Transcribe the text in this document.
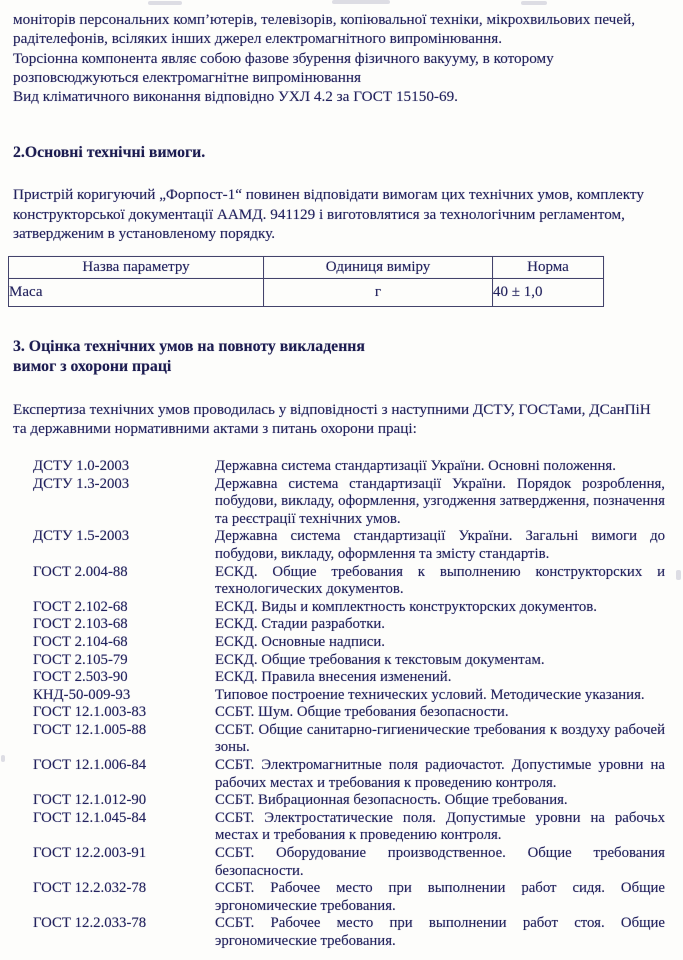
моніторів персональних комп’ютерів, телевізорів, копіювальної техніки, мікрохвильових печей, радітелефонів, всіляких інших джерел електромагнітного випромінювання.

Торсіонна компонента являє собою фазове збурення фізичного вакууму, в которому розповсюджуються електромагнітне випромінювання

Вид кліматичного виконання відповідно УХЛ 4.2 за ГОСТ 15150-69.

2.Основні технічні вимоги.

Пристрій коригуючий „Форпост-1“ повинен відповідати вимогам цих технічних умов, комплекту конструкторської документації ААМД. 941129 і виготовлятися за технологічним регламентом, затвердженим в установленому порядку.

Назва параметру	Одиниця виміру	Норма
Маса	г	40 ± 1,0
3. Оцінка технічних умов на повноту викладення
вимог з охорони праці

Експертиза технічних умов проводилась у відповідності з наступними ДСТУ, ГОСТами, ДСанПіН та державними нормативними актами з питань охорони праці:

ДСТУ 1.0-2003	Державна система стандартизації України. Основні положення.
ДСТУ 1.3-2003	Державна система стандартизації України. Порядок розроблення, побудови, викладу, оформлення, узгодження затвердження, позначення та реєстрації технічних умов.
ДСТУ 1.5-2003	Державна система стандартизації України. Загальні вимоги до побудови, викладу, оформлення та змісту стандартів.
ГОСТ 2.004-88	ЕСКД. Общие требования к выполнению конструкторских и технологических документов.
ГОСТ 2.102-68	ЕСКД. Виды и комплектность конструкторских документов.
ГОСТ 2.103-68	ЕСКД. Стадии разработки.
ГОСТ 2.104-68	ЕСКД. Основные надписи.
ГОСТ 2.105-79	ЕСКД. Общие требования к текстовым документам.
ГОСТ 2.503-90	ЕСКД. Правила внесения изменений.
КНД-50-009-93	Типовое построение технических условий. Методические указания.
ГОСТ 12.1.003-83	ССБТ. Шум. Общие требования безопасности.
ГОСТ 12.1.005-88	ССБТ. Общие санитарно-гигиенические требования к воздуху рабочей зоны.
ГОСТ 12.1.006-84	ССБТ. Электромагнитные поля радиочастот. Допустимые уровни на рабочих местах и требования к проведению контроля.
ГОСТ 12.1.012-90	ССБТ. Вибрационная безопасность. Общие требования.
ГОСТ 12.1.045-84	ССБТ. Электростатические поля. Допустимые уровни на рабочьх местах и требования к проведению контроля.
ГОСТ 12.2.003-91	ССБТ. Оборудование производственное. Общие требования безопасности.
ГОСТ 12.2.032-78	ССБТ. Рабочее место при выполнении работ сидя. Общие эргономические требования.
ГОСТ 12.2.033-78	ССБТ. Рабочее место при выполнении работ стоя. Общие эргономические требования.
